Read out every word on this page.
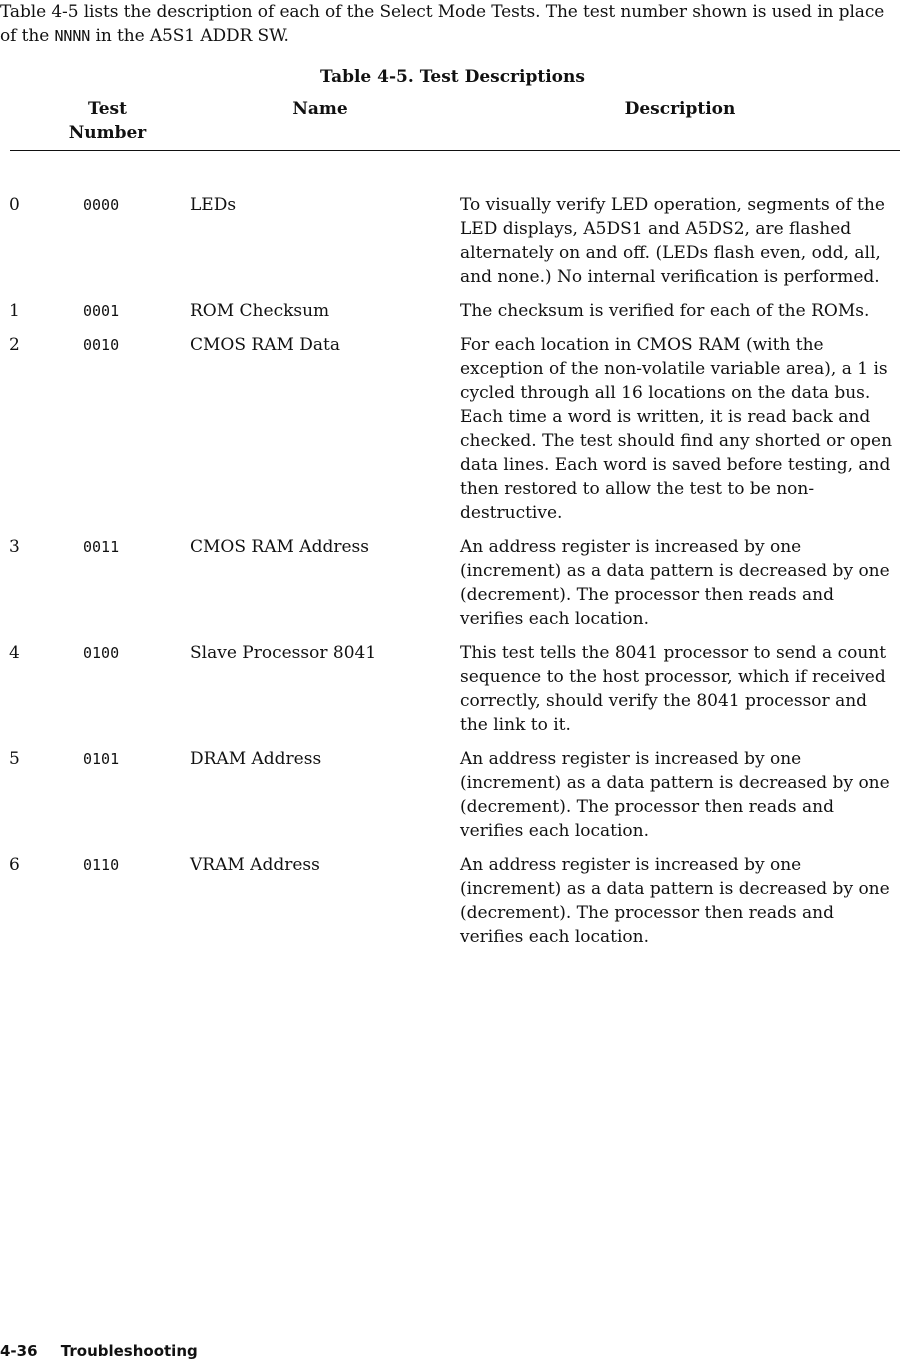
Table 4-5 lists the description of each of the Select Mode Tests. The test number shown is used in place of the NNNN in the A5S1 ADDR SW.
Table 4-5. Test Descriptions
Test Number
Name	Description
0	0000	LEDs	To visually verify LED operation, segments of the LED displays, A5DS1 and A5DS2, are flashed alternately on and off. (LEDs flash even, odd, all, and none.) No internal verification is performed.
1	0001	ROM Checksum	The checksum is verified for each of the ROMs.
2	0010	CMOS RAM Data	For each location in CMOS RAM (with the exception of the non-volatile variable area), a 1 is cycled through all 16 locations on the data bus. Each time a word is written, it is read back and checked. The test should find any shorted or open data lines. Each word is saved before testing, and then restored to allow the test to be non-destructive.
3	0011	CMOS RAM Address	An address register is increased by one (increment) as a data pattern is decreased by one (decrement). The processor then reads and verifies each location.
4	0100	Slave Processor 8041	This test tells the 8041 processor to send a count sequence to the host processor, which if received correctly, should verify the 8041 processor and the link to it.
5	0101	DRAM Address	An address register is increased by one (increment) as a data pattern is decreased by one (decrement). The processor then reads and verifies each location.
6	0110	VRAM Address	An address register is increased by one (increment) as a data pattern is decreased by one (decrement). The processor then reads and verifies each location.
4-36 Troubleshooting
